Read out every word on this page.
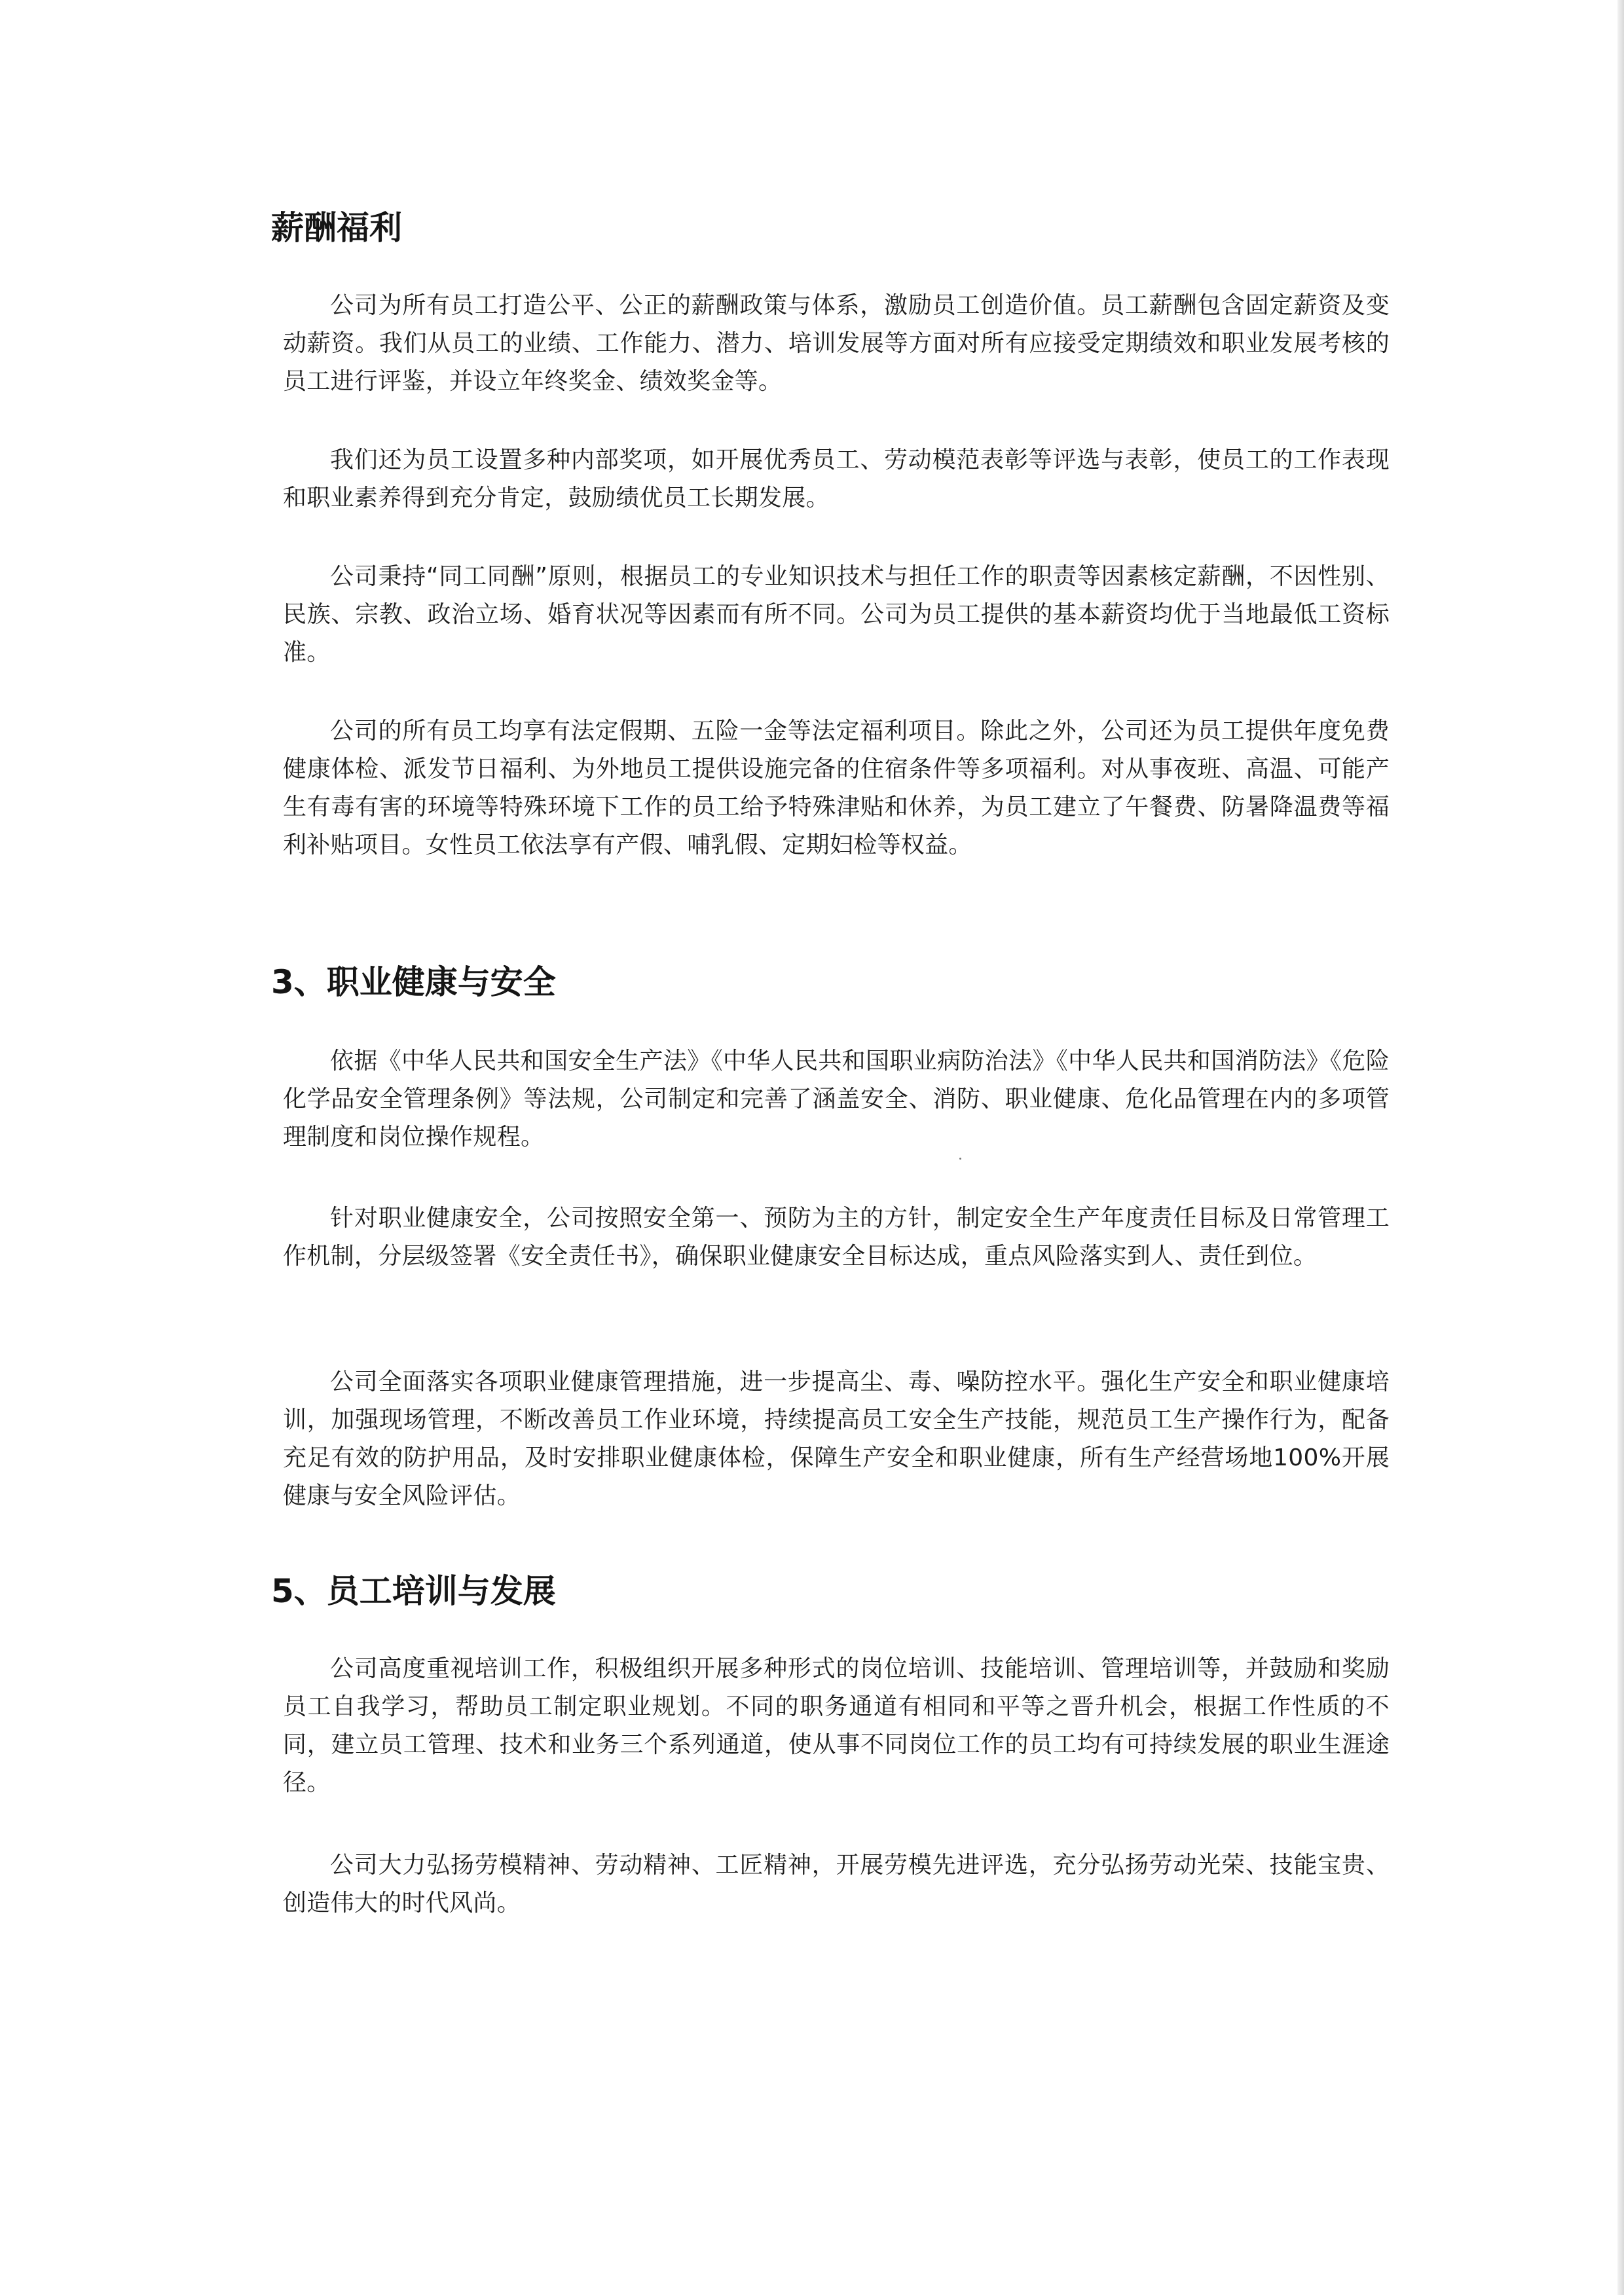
薪酬福利

公司为所有员工打造公平、公正的薪酬政策与体系，激励员工创造价值。员工薪酬包含固定薪资及变动薪资。我们从员工的业绩、工作能力、潜力、培训发展等方面对所有应接受定期绩效和职业发展考核的员工进行评鉴，并设立年终奖金、绩效奖金等。

我们还为员工设置多种内部奖项，如开展优秀员工、劳动模范表彰等评选与表彰，使员工的工作表现和职业素养得到充分肯定，鼓励绩优员工长期发展。

公司秉持“同工同酬”原则，根据员工的专业知识技术与担任工作的职责等因素核定薪酬，不因性别、民族、宗教、政治立场、婚育状况等因素而有所不同。公司为员工提供的基本薪资均优于当地最低工资标准。

公司的所有员工均享有法定假期、五险一金等法定福利项目。除此之外，公司还为员工提供年度免费健康体检、派发节日福利、为外地员工提供设施完备的住宿条件等多项福利。对从事夜班、高温、可能产生有毒有害的环境等特殊环境下工作的员工给予特殊津贴和休养，为员工建立了午餐费、防暑降温费等福利补贴项目。女性员工依法享有产假、哺乳假、定期妇检等权益。

3、职业健康与安全

依据《中华人民共和国安全生产法》《中华人民共和国职业病防治法》《中华人民共和国消防法》《危险化学品安全管理条例》等法规，公司制定和完善了涵盖安全、消防、职业健康、危化品管理在内的多项管理制度和岗位操作规程。

针对职业健康安全，公司按照安全第一、预防为主的方针，制定安全生产年度责任目标及日常管理工作机制，分层级签署《安全责任书》，确保职业健康安全目标达成，重点风险落实到人、责任到位。

公司全面落实各项职业健康管理措施，进一步提高尘、毒、噪防控水平。强化生产安全和职业健康培训，加强现场管理，不断改善员工作业环境，持续提高员工安全生产技能，规范员工生产操作行为，配备充足有效的防护用品，及时安排职业健康体检，保障生产安全和职业健康，所有生产经营场地100%开展健康与安全风险评估。

5、员工培训与发展

公司高度重视培训工作，积极组织开展多种形式的岗位培训、技能培训、管理培训等，并鼓励和奖励员工自我学习，帮助员工制定职业规划。不同的职务通道有相同和平等之晋升机会，根据工作性质的不同，建立员工管理、技术和业务三个系列通道，使从事不同岗位工作的员工均有可持续发展的职业生涯途径。

公司大力弘扬劳模精神、劳动精神、工匠精神，开展劳模先进评选，充分弘扬劳动光荣、技能宝贵、创造伟大的时代风尚。
